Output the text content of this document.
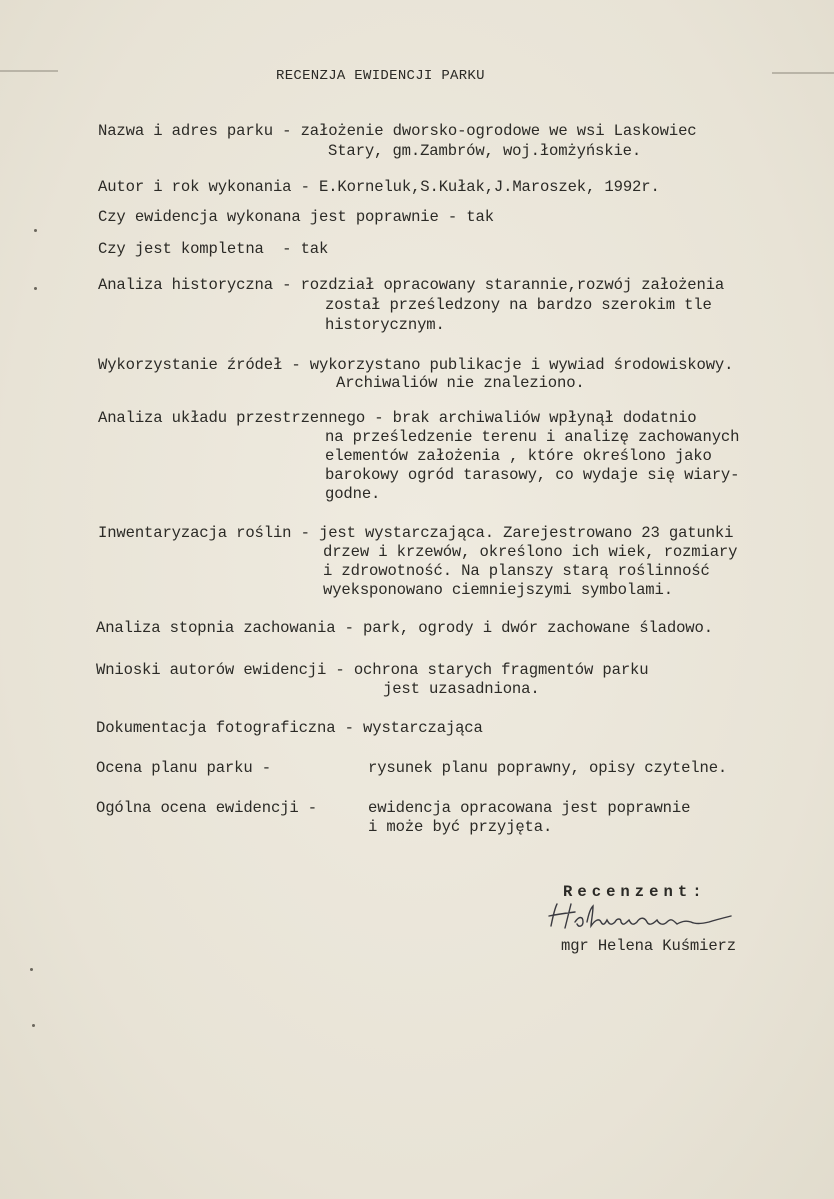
RECENZJA EWIDENCJI PARKU
Nazwa i adres parku - założenie dworsko-ogrodowe we wsi Laskowiec
Stary, gm.Zambrów, woj.łomżyńskie.
Autor i rok wykonania - E.Korneluk,S.Kułak,J.Maroszek, 1992r.
Czy ewidencja wykonana jest poprawnie - tak
Czy jest kompletna  - tak
Analiza historyczna - rozdział opracowany starannie,rozwój założenia
został prześledzony na bardzo szerokim tle
historycznym.
Wykorzystanie źródeł - wykorzystano publikacje i wywiad środowiskowy.
Archiwaliów nie znaleziono.
Analiza układu przestrzennego - brak archiwaliów wpłynął dodatnio
na prześledzenie terenu i analizę zachowanych
elementów założenia , które określono jako
barokowy ogród tarasowy, co wydaje się wiary-
godne.
Inwentaryzacja roślin - jest wystarczająca. Zarejestrowano 23 gatunki
drzew i krzewów, określono ich wiek, rozmiary
i zdrowotność. Na planszy starą roślinność
wyeksponowano ciemniejszymi symbolami.
Analiza stopnia zachowania - park, ogrody i dwór zachowane śladowo.
Wnioski autorów ewidencji - ochrona starych fragmentów parku
jest uzasadniona.
Dokumentacja fotograficzna - wystarczająca
Ocena planu parku -	rysunek planu poprawny, opisy czytelne.
Ogólna ocena ewidencji -	ewidencja opracowana jest poprawnie
i może być przyjęta.
Recenzent:
mgr Helena Kuśmierz
